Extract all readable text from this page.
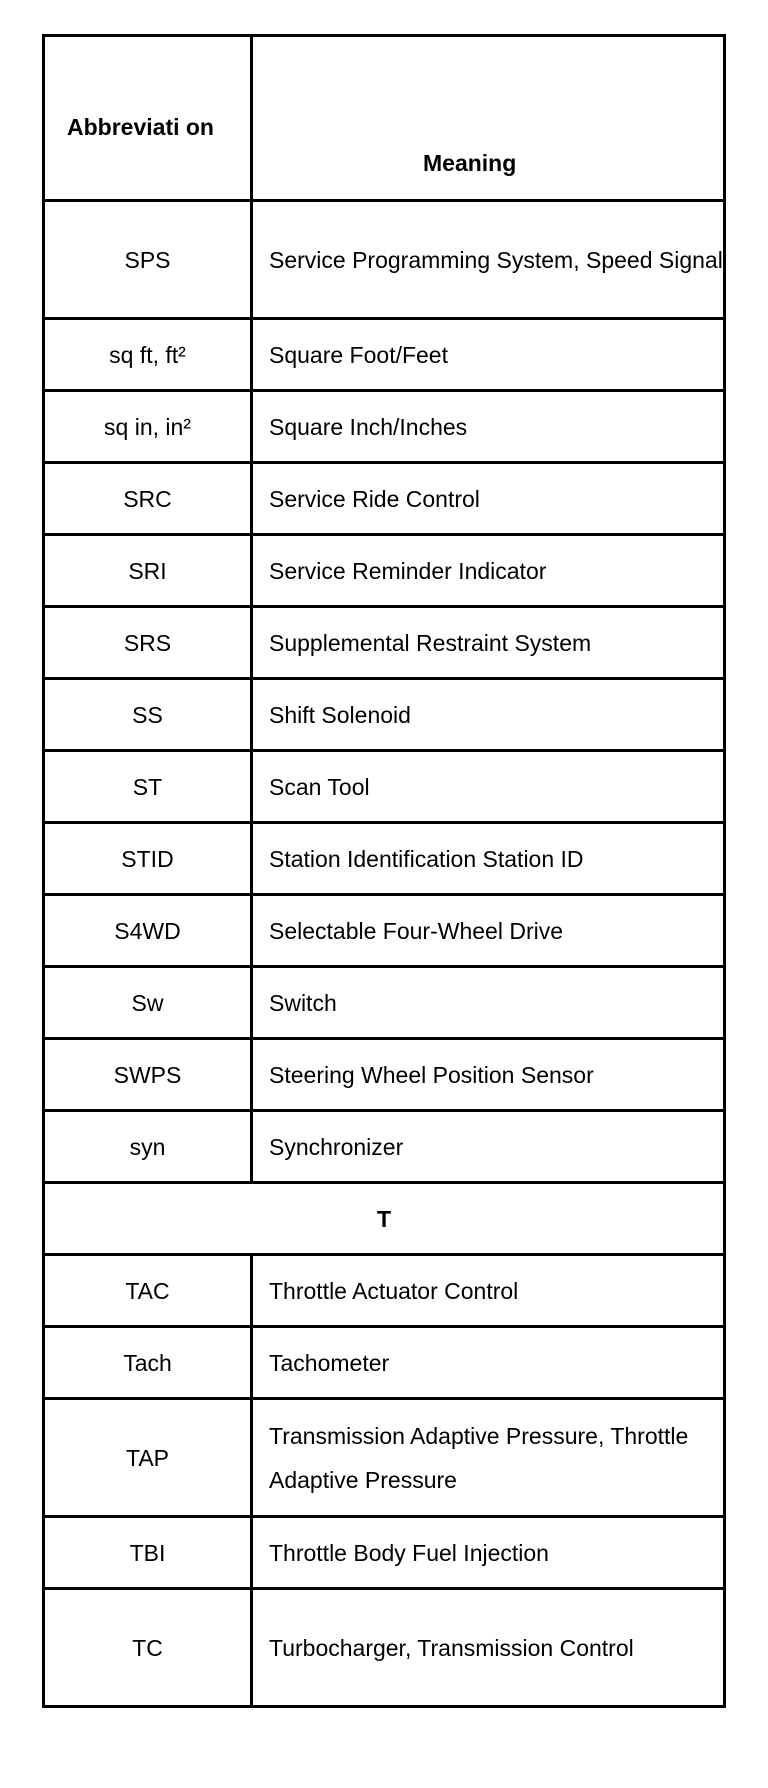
Abbreviati on	Meaning
SPS	Service Programming System, Speed Signal
sq ft, ft²	Square Foot/Feet
sq in, in²	Square Inch/Inches
SRC	Service Ride Control
SRI	Service Reminder Indicator
SRS	Supplemental Restraint System
SS	Shift Solenoid
ST	Scan Tool
STID	Station Identification Station ID
S4WD	Selectable Four-Wheel Drive
Sw	Switch
SWPS	Steering Wheel Position Sensor
syn	Synchronizer
T	
TAC	Throttle Actuator Control
Tach	Tachometer
TAP	Transmission Adaptive Pressure, Throttle Adaptive Pressure
TBI	Throttle Body Fuel Injection
TC	Turbocharger, Transmission Control
